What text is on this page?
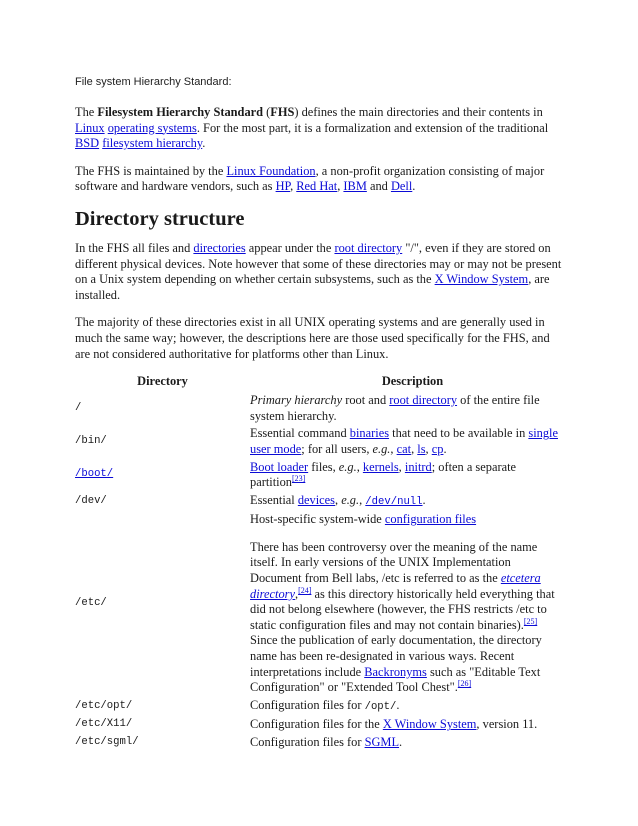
File system Hierarchy Standard:

The Filesystem Hierarchy Standard (FHS) defines the main directories and their contents in Linux operating systems. For the most part, it is a formalization and extension of the traditional BSD filesystem hierarchy.

The FHS is maintained by the Linux Foundation, a non-profit organization consisting of major software and hardware vendors, such as HP, Red Hat, IBM and Dell.

Directory structure

In the FHS all files and directories appear under the root directory "/", even if they are stored on different physical devices. Note however that some of these directories may or may not be present on a Unix system depending on whether certain subsystems, such as the X Window System, are installed.

The majority of these directories exist in all UNIX operating systems and are generally used in much the same way; however, the descriptions here are those used specifically for the FHS, and are not considered authoritative for platforms other than Linux.

Directory	Description
/	Primary hierarchy root and root directory of the entire file system hierarchy.
/bin/	Essential command binaries that need to be available in single user mode; for all users, e.g., cat, ls, cp.
/boot/	Boot loader files, e.g., kernels, initrd; often a separate partition[23]
/dev/	Essential devices, e.g., /dev/null.
/etc/	Host-specific system-wide configuration files
There has been controversy over the meaning of the name itself. In early versions of the UNIX Implementation Document from Bell labs, /etc is referred to as the etcetera directory,[24] as this directory historically held everything that did not belong elsewhere (however, the FHS restricts /etc to static configuration files and may not contain binaries).[25] Since the publication of early documentation, the directory name has been re-designated in various ways. Recent interpretations include Backronyms such as "Editable Text Configuration" or "Extended Tool Chest".[26]
/etc/opt/	Configuration files for /opt/.
/etc/X11/	Configuration files for the X Window System, version 11.
/etc/sgml/	Configuration files for SGML.
